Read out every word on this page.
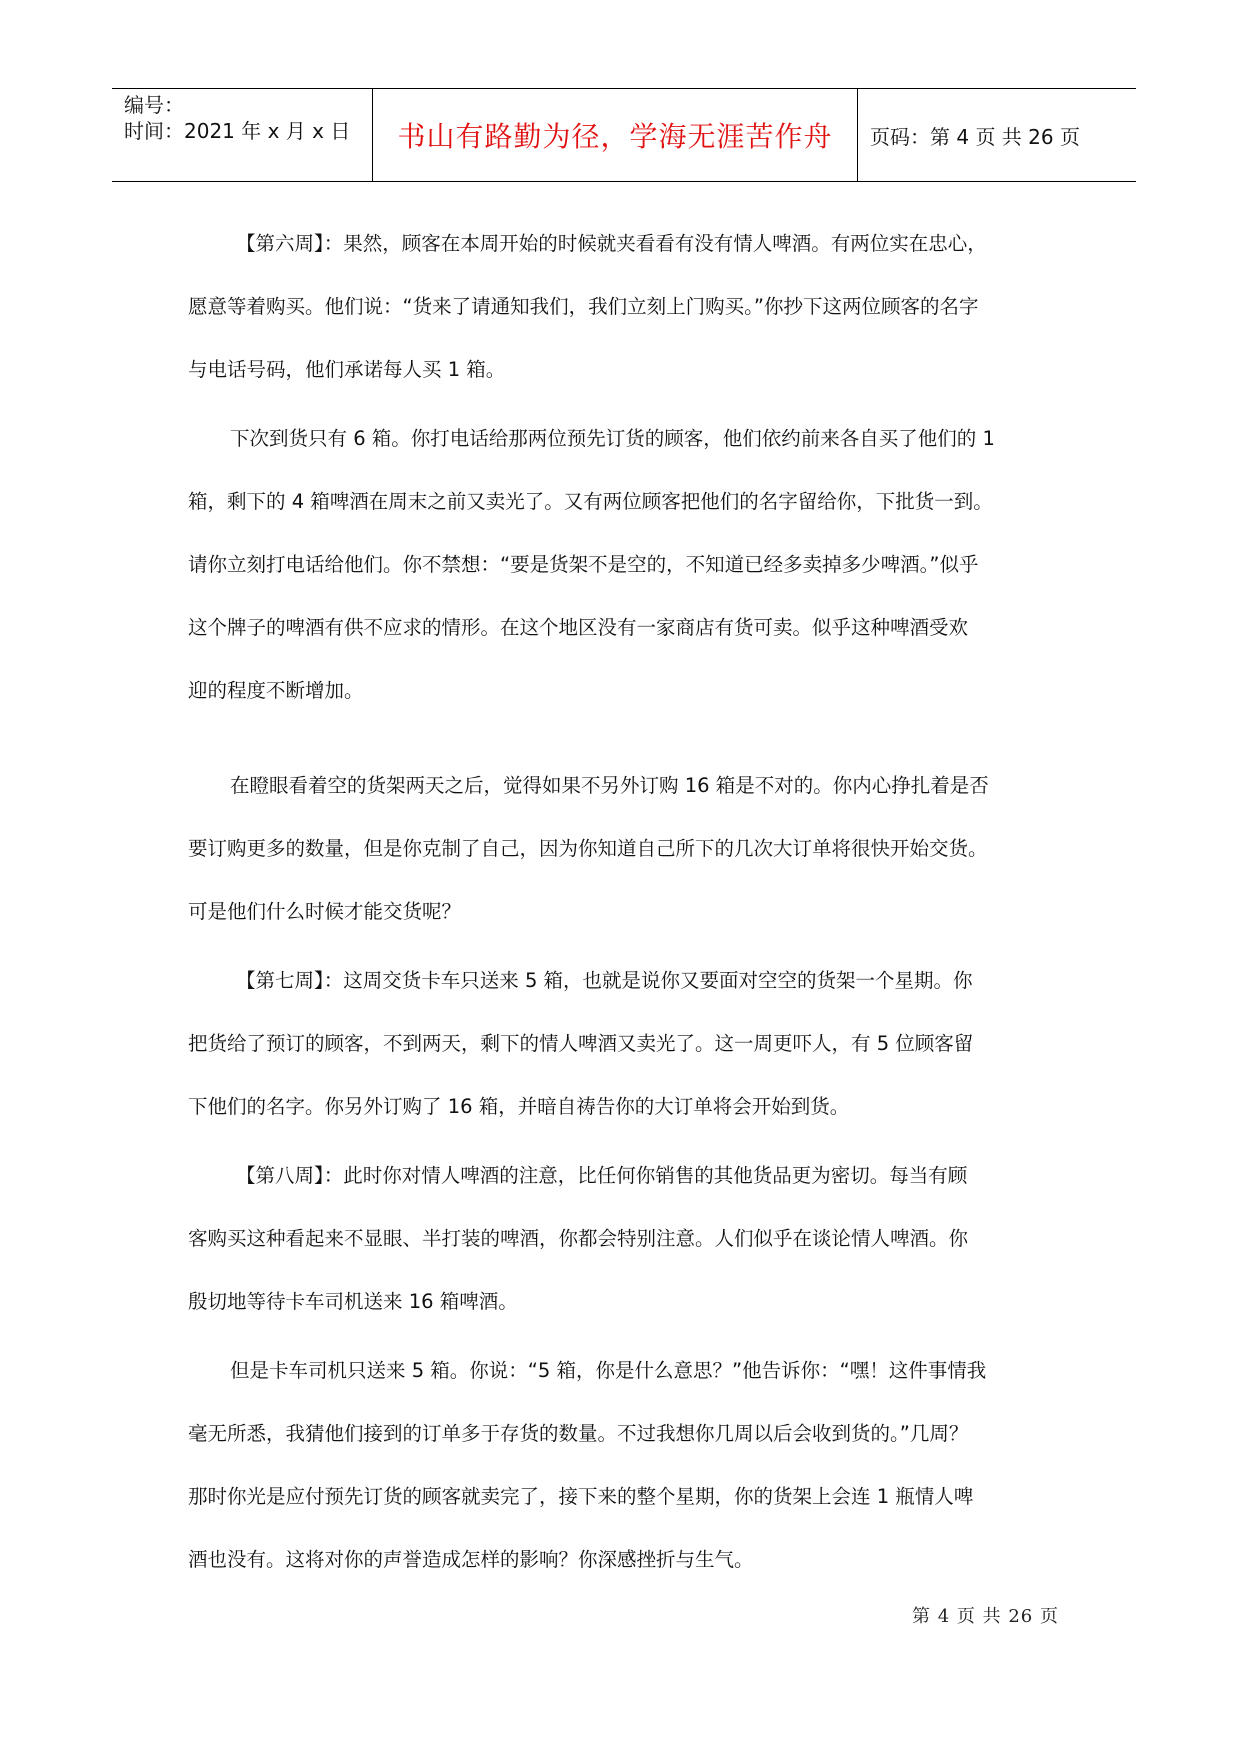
编号：
时间：2021 年 x 月 x 日 书山有路勤为径，学海无涯苦作舟 页码：第 4 页 共 26 页
【第六周】：果然，顾客在本周开始的时候就夹看看有没有情人啤酒。有两位实在忠心，
愿意等着购买。他们说：“货来了请通知我们，我们立刻上门购买。”你抄下这两位顾客的名字
与电话号码，他们承诺每人买 1 箱。
下次到货只有 6 箱。你打电话给那两位预先订货的顾客，他们依约前来各自买了他们的 1
箱，剩下的 4 箱啤酒在周末之前又卖光了。又有两位顾客把他们的名字留给你，下批货一到。
请你立刻打电话给他们。你不禁想：“要是货架不是空的，不知道已经多卖掉多少啤酒。”似乎
这个牌子的啤酒有供不应求的情形。在这个地区没有一家商店有货可卖。似乎这种啤酒受欢
迎的程度不断增加。
在瞪眼看着空的货架两天之后，觉得如果不另外订购 16 箱是不对的。你内心挣扎着是否
要订购更多的数量，但是你克制了自己，因为你知道自己所下的几次大订单将很快开始交货。
可是他们什么时候才能交货呢？
【第七周】：这周交货卡车只送来 5 箱，也就是说你又要面对空空的货架一个星期。你
把货给了预订的顾客，不到两天，剩下的情人啤酒又卖光了。这一周更吓人，有 5 位顾客留
下他们的名字。你另外订购了 16 箱，并暗自祷告你的大订单将会开始到货。
【第八周】：此时你对情人啤酒的注意，比任何你销售的其他货品更为密切。每当有顾
客购买这种看起来不显眼、半打装的啤酒，你都会特别注意。人们似乎在谈论情人啤酒。你
殷切地等待卡车司机送来 16 箱啤酒。
但是卡车司机只送来 5 箱。你说：“5 箱，你是什么意思？”他告诉你：“嘿！这件事情我
毫无所悉，我猜他们接到的订单多于存货的数量。不过我想你几周以后会收到货的。”几周？
那时你光是应付预先订货的顾客就卖完了，接下来的整个星期，你的货架上会连 1 瓶情人啤
酒也没有。这将对你的声誉造成怎样的影响？你深感挫折与生气。
第 4 页 共 26 页
